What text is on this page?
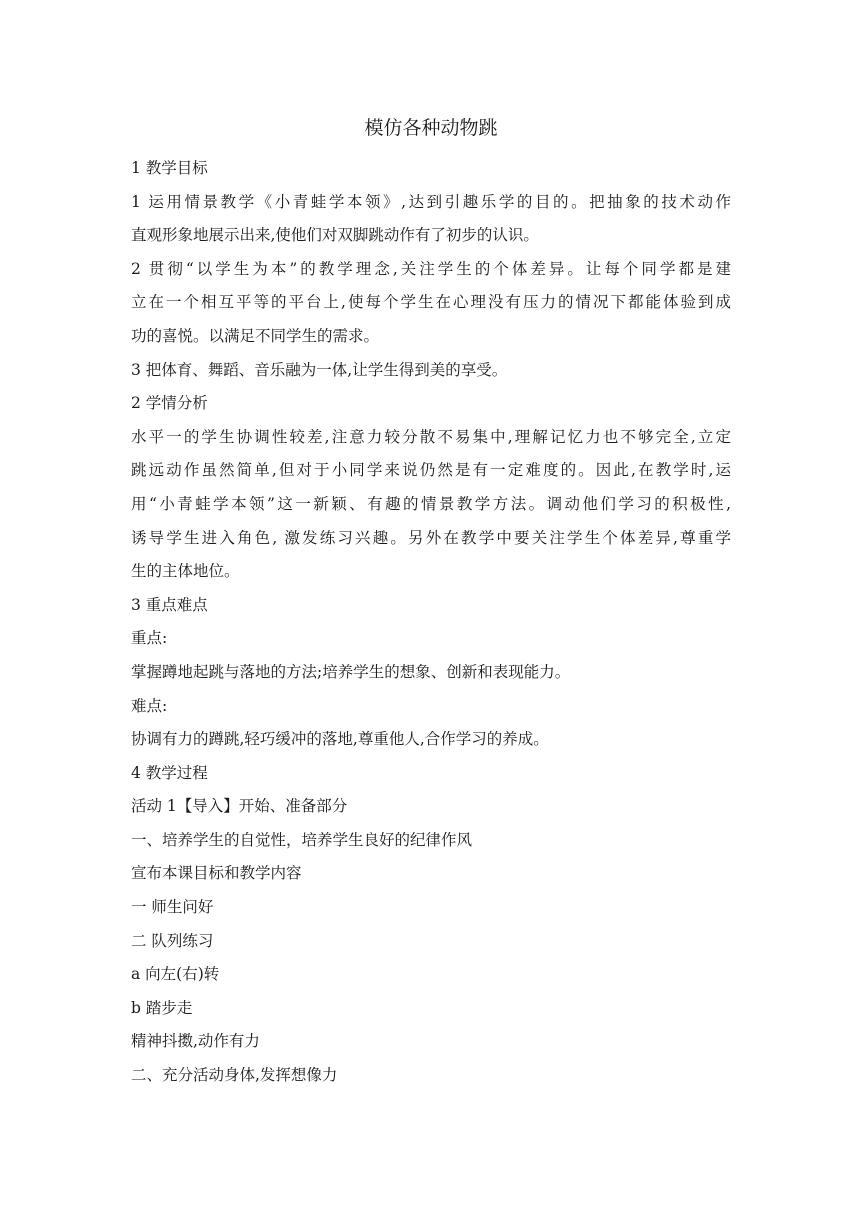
模仿各种动物跳
1 教学目标
1 运用情景教学《小青蛙学本领》,达到引趣乐学的目的。把抽象的技术动作
直观形象地展示出来,使他们对双脚跳动作有了初步的认识。
2 贯彻“以学生为本”的教学理念,关注学生的个体差异。让每个同学都是建
立在一个相互平等的平台上,使每个学生在心理没有压力的情况下都能体验到成
功的喜悦。以满足不同学生的需求。
3 把体育、舞蹈、音乐融为一体,让学生得到美的享受。
2 学情分析
水平一的学生协调性较差,注意力较分散不易集中,理解记忆力也不够完全,立定
跳远动作虽然简单,但对于小同学来说仍然是有一定难度的。因此,在教学时,运
用“小青蛙学本领”这一新颖、有趣的情景教学方法。调动他们学习的积极性,
诱导学生进入角色, 激发练习兴趣。另外在教学中要关注学生个体差异,尊重学
生的主体地位。
3 重点难点
重点:
掌握蹲地起跳与落地的方法;培养学生的想象、创新和表现能力。
难点:
协调有力的蹲跳,轻巧缓冲的落地,尊重他人,合作学习的养成。
4 教学过程
活动 1【导入】开始、准备部分
一、培养学生的自觉性，培养学生良好的纪律作风
宣布本课目标和教学内容
一 师生问好
二 队列练习
a 向左(右)转
b 踏步走
精神抖擞,动作有力
二、充分活动身体,发挥想像力
